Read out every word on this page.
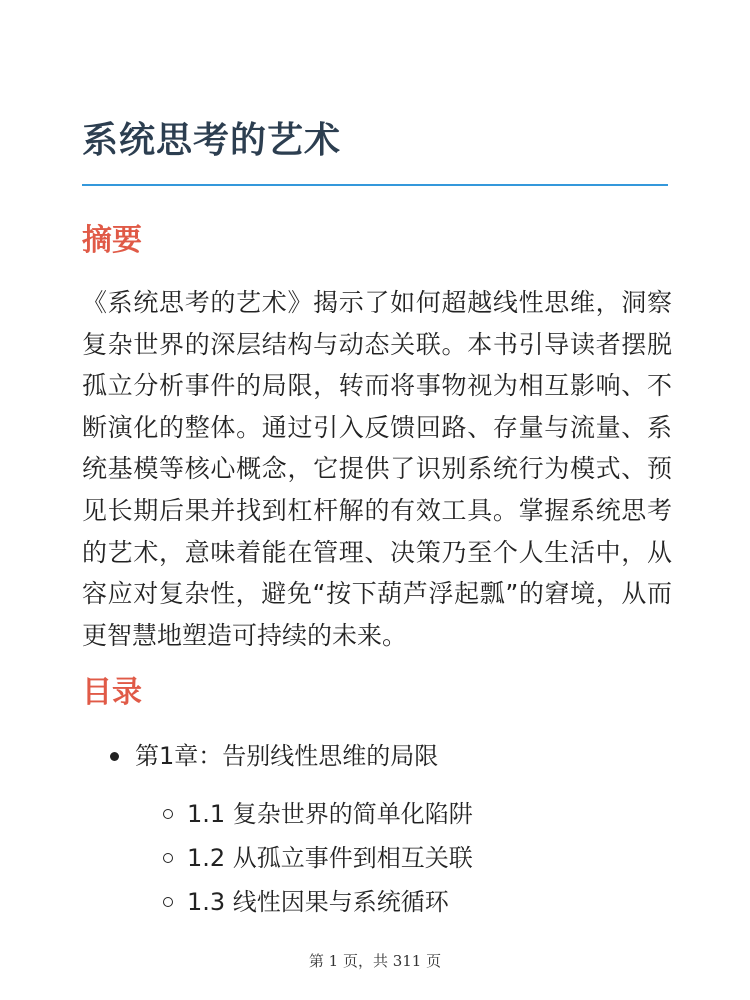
系统思考的艺术
摘要

《系统思考的艺术》揭示了如何超越线性思维，洞察复杂世界的深层结构与动态关联。本书引导读者摆脱孤立分析事件的局限，转而将事物视为相互影响、不断演化的整体。通过引入反馈回路、存量与流量、系统基模等核心概念，它提供了识别系统行为模式、预见长期后果并找到杠杆解的有效工具。掌握系统思考的艺术，意味着能在管理、决策乃至个人生活中，从容应对复杂性，避免“按下葫芦浮起瓢”的窘境，从而更智慧地塑造可持续的未来。

目录
第1章：告别线性思维的局限
1.1 复杂世界的简单化陷阱
1.2 从孤立事件到相互关联
1.3 线性因果与系统循环
第 1 页，共 311 页
